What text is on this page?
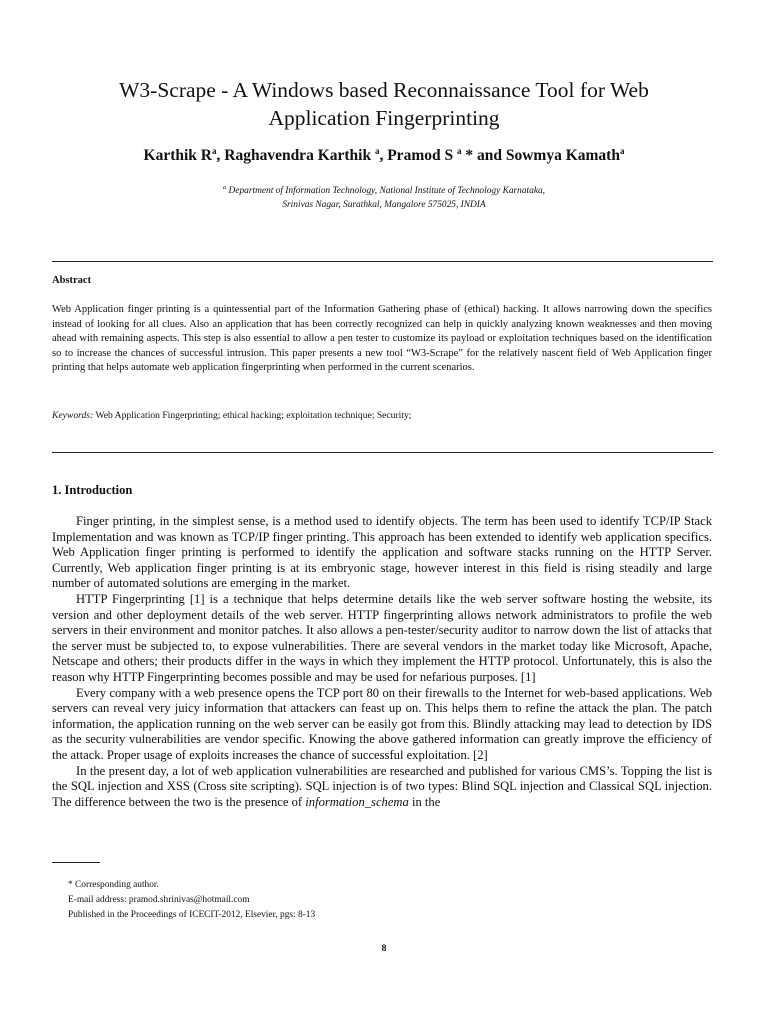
W3-Scrape - A Windows based Reconnaissance Tool for Web
Application Fingerprinting
Karthik $R^a$, Raghavendra Karthik $^a$, Pramod S $^a$ * and Sowmya Kamath$^a$
$^a$ Department of Information Technology, National Institute of Technology Karnataka,
Srinivas Nagar, Surathkal, Mangalore 575025, INDIA
Abstract
Web Application finger printing is a quintessential part of the Information Gathering phase of (ethical) hacking. It allows narrowing down the specifics instead of looking for all clues. Also an application that has been correctly recognized can help in quickly analyzing known weaknesses and then moving ahead with remaining aspects. This step is also essential to allow a pen tester to customize its payload or exploitation techniques based on the identification so to increase the chances of successful intrusion. This paper presents a new tool “W3-Scrape” for the relatively nascent field of Web Application finger printing that helps automate web application fingerprinting when performed in the current scenarios.
Keywords: Web Application Fingerprinting; ethical hacking; exploitation technique; Security;
1. Introduction

Finger printing, in the simplest sense, is a method used to identify objects. The term has been used to identify TCP/IP Stack Implementation and was known as TCP/IP finger printing. This approach has been extended to identify web application specifics. Web Application finger printing is performed to identify the application and software stacks running on the HTTP Server. Currently, Web application finger printing is at its embryonic stage, however interest in this field is rising steadily and large number of automated solutions are emerging in the market.

HTTP Fingerprinting [1] is a technique that helps determine details like the web server software hosting the website, its version and other deployment details of the web server. HTTP fingerprinting allows network administrators to profile the web servers in their environment and monitor patches. It also allows a pen-tester/security auditor to narrow down the list of attacks that the server must be subjected to, to expose vulnerabilities. There are several vendors in the market today like Microsoft, Apache, Netscape and others; their products differ in the ways in which they implement the HTTP protocol. Unfortunately, this is also the reason why HTTP Fingerprinting becomes possible and may be used for nefarious purposes. [1]

Every company with a web presence opens the TCP port 80 on their firewalls to the Internet for web-based applications. Web servers can reveal very juicy information that attackers can feast up on. This helps them to refine the attack the plan. The patch information, the application running on the web server can be easily got from this. Blindly attacking may lead to detection by IDS as the security vulnerabilities are vendor specific. Knowing the above gathered information can greatly improve the efficiency of the attack. Proper usage of exploits increases the chance of successful exploitation. [2]

In the present day, a lot of web application vulnerabilities are researched and published for various CMS’s. Topping the list is the SQL injection and XSS (Cross site scripting). SQL injection is of two types: Blind SQL injection and Classical SQL injection. The difference between the two is the presence of information_schema in the

* Corresponding author.
E-mail address: pramod.shrinivas@hotmail.com
Published in the Proceedings of ICECIT-2012, Elsevier, pgs: 8-13
8
